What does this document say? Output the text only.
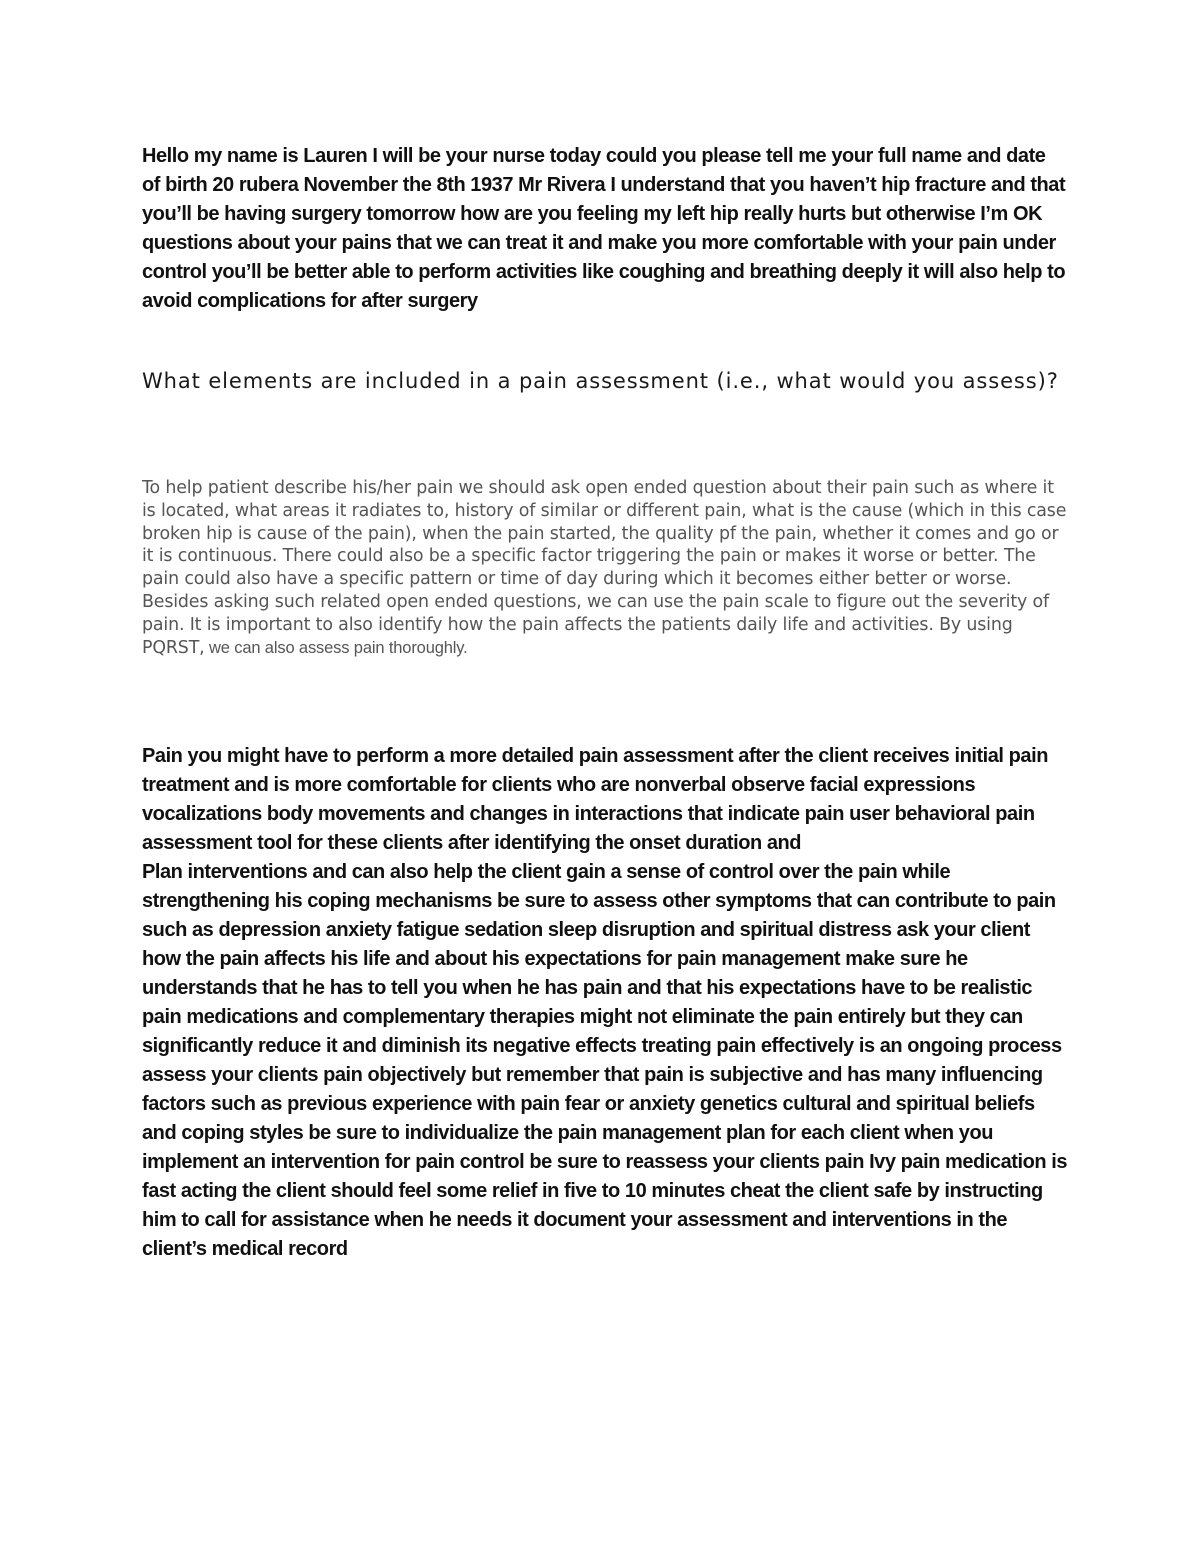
Hello my name is Lauren I will be your nurse today could you please tell me your full name and date of birth 20 rubera November the 8th 1937 Mr Rivera I understand that you haven’t hip fracture and that you’ll be having surgery tomorrow how are you feeling my left hip really hurts but otherwise I’m OK questions about your pains that we can treat it and make you more comfortable with your pain under control you’ll be better able to perform activities like coughing and breathing deeply it will also help to avoid complications for after surgery

What elements are included in a pain assessment (i.e., what would you assess)?

To help patient describe his/her pain we should ask open ended question about their pain such as where it is located, what areas it radiates to, history of similar or different pain, what is the cause (which in this case broken hip is cause of the pain), when the pain started, the quality pf the pain, whether it comes and go or it is continuous. There could also be a specific factor triggering the pain or makes it worse or better. The pain could also have a specific pattern or time of day during which it becomes either better or worse. Besides asking such related open ended questions, we can use the pain scale to figure out the severity of pain. It is important to also identify how the pain affects the patients daily life and activities. By using PQRST, we can also assess pain thoroughly.

Pain you might have to perform a more detailed pain assessment after the client receives initial pain treatment and is more comfortable for clients who are nonverbal observe facial expressions vocalizations body movements and changes in interactions that indicate pain user behavioral pain assessment tool for these clients after identifying the onset duration and
Plan interventions and can also help the client gain a sense of control over the pain while strengthening his coping mechanisms be sure to assess other symptoms that can contribute to pain such as depression anxiety fatigue sedation sleep disruption and spiritual distress ask your client how the pain affects his life and about his expectations for pain management make sure he understands that he has to tell you when he has pain and that his expectations have to be realistic pain medications and complementary therapies might not eliminate the pain entirely but they can significantly reduce it and diminish its negative effects treating pain effectively is an ongoing process assess your clients pain objectively but remember that pain is subjective and has many influencing factors such as previous experience with pain fear or anxiety genetics cultural and spiritual beliefs and coping styles be sure to individualize the pain management plan for each client when you implement an intervention for pain control be sure to reassess your clients pain Ivy pain medication is fast acting the client should feel some relief in five to 10 minutes cheat the client safe by instructing him to call for assistance when he needs it document your assessment and interventions in the client’s medical record
